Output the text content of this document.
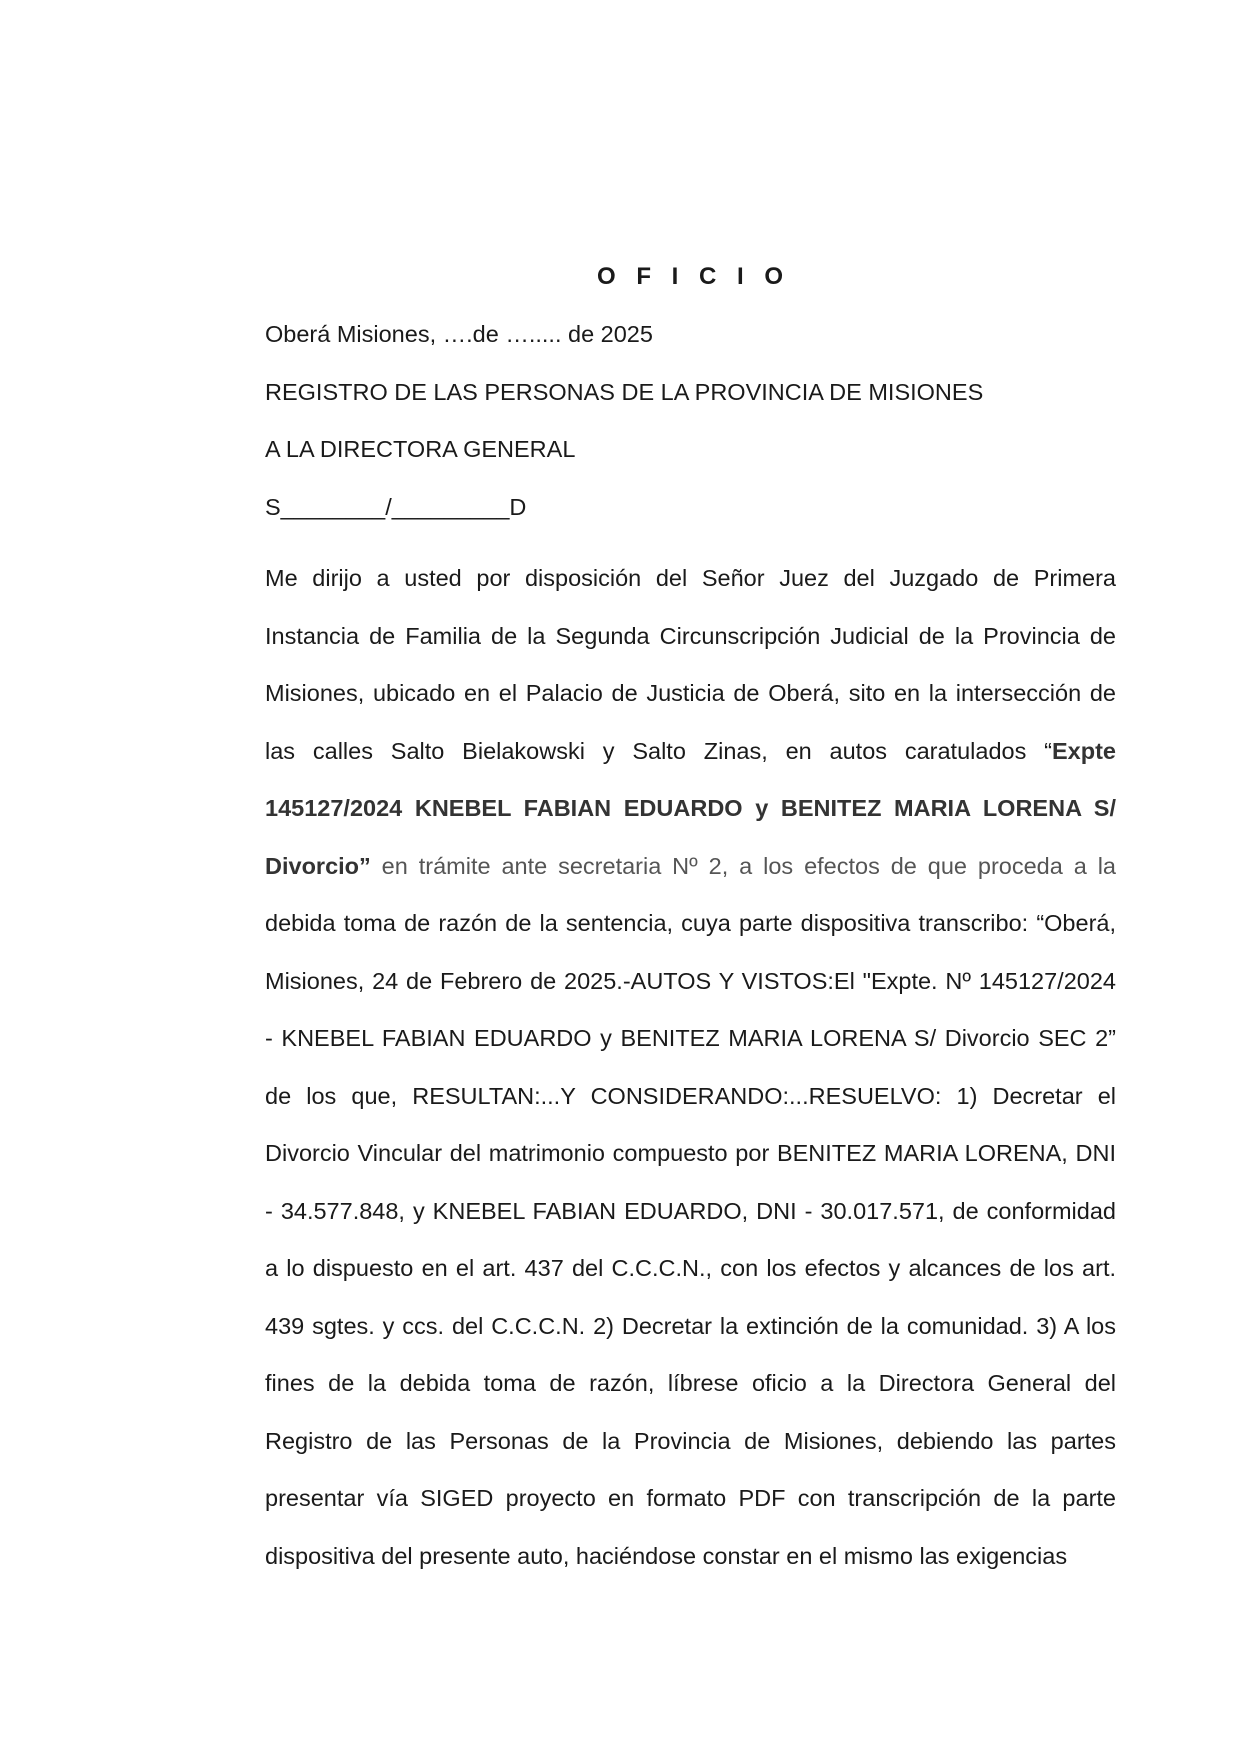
O F I C I O

Oberá Misiones, ….de …..... de 2025

REGISTRO DE LAS PERSONAS DE LA PROVINCIA DE MISIONES

A LA DIRECTORA GENERAL

S________/_________D

Me dirijo a usted por disposición del Señor Juez del Juzgado de Primera Instancia de Familia de la Segunda Circunscripción Judicial de la Provincia de Misiones, ubicado en el Palacio de Justicia de Oberá, sito en la intersección de las calles Salto Bielakowski y Salto Zinas, en autos caratulados “Expte 145127/2024 KNEBEL FABIAN EDUARDO y BENITEZ MARIA LORENA S/ Divorcio” en trámite ante secretaria Nº 2, a los efectos de que proceda a la debida toma de razón de la sentencia, cuya parte dispositiva transcribo: “Oberá, Misiones, 24 de Febrero de 2025.-AUTOS Y VISTOS:El "Expte. Nº 145127/2024 - KNEBEL FABIAN EDUARDO y BENITEZ MARIA LORENA S/ Divorcio SEC 2” de los que, RESULTAN:...Y CONSIDERANDO:...RESUELVO: 1) Decretar el Divorcio Vincular del matrimonio compuesto por BENITEZ MARIA LORENA, DNI - 34.577.848, y KNEBEL FABIAN EDUARDO, DNI - 30.017.571, de conformidad a lo dispuesto en el art. 437 del C.C.C.N., con los efectos y alcances de los art. 439 sgtes. y ccs. del C.C.C.N. 2) Decretar la extinción de la comunidad. 3) A los fines de la debida toma de razón, líbrese oficio a la Directora General del Registro de las Personas de la Provincia de Misiones, debiendo las partes presentar vía SIGED proyecto en formato PDF con transcripción de la parte dispositiva del presente auto, haciéndose constar en el mismo las exigencias
